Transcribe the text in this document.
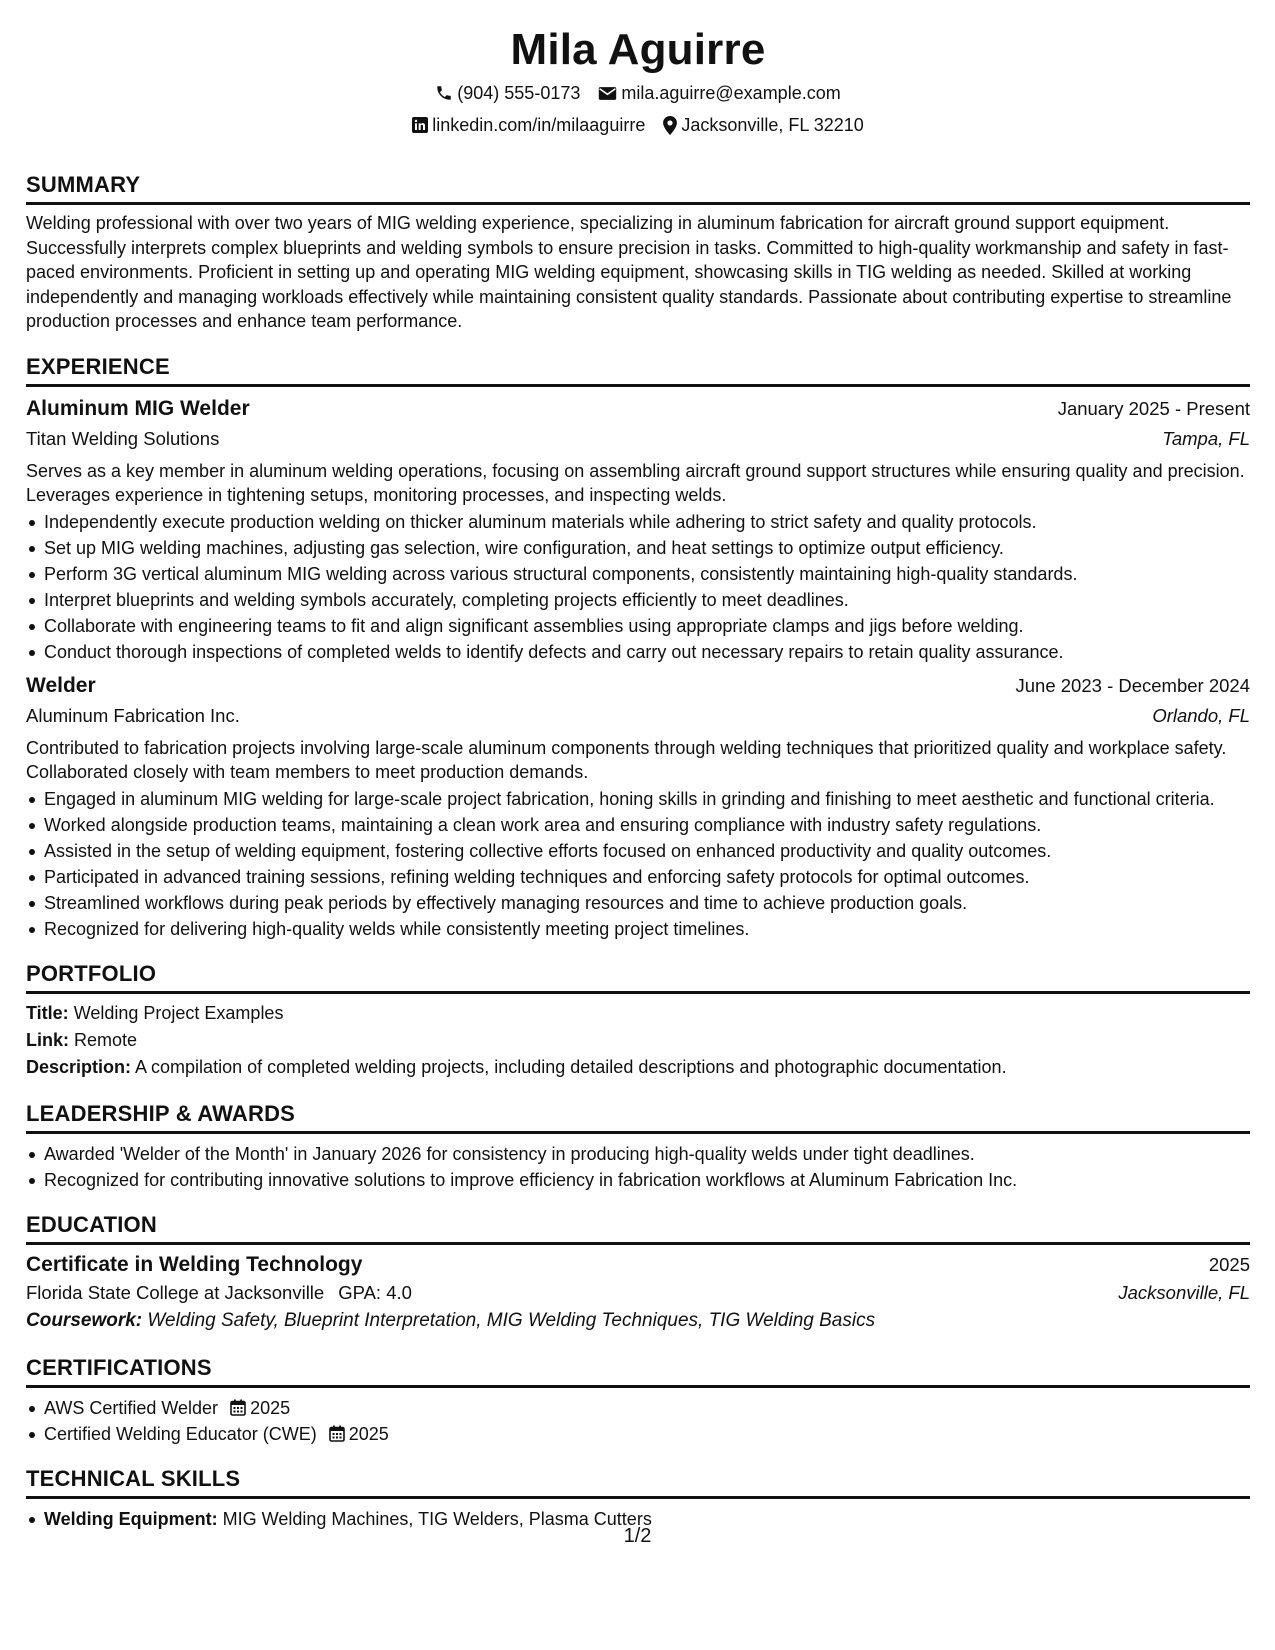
Mila Aguirre
(904) 555-0173 mila.aguirre@example.com
linkedin.com/in/milaaguirre Jacksonville, FL 32210
SUMMARY
Welding professional with over two years of MIG welding experience, specializing in aluminum fabrication for aircraft ground support equipment. Successfully interprets complex blueprints and welding symbols to ensure precision in tasks. Committed to high-quality workmanship and safety in fast-paced environments. Proficient in setting up and operating MIG welding equipment, showcasing skills in TIG welding as needed. Skilled at working independently and managing workloads effectively while maintaining consistent quality standards. Passionate about contributing expertise to streamline production processes and enhance team performance.
EXPERIENCE
Aluminum MIG Welder	January 2025 - Present
Titan Welding Solutions	Tampa, FL
Serves as a key member in aluminum welding operations, focusing on assembling aircraft ground support structures while ensuring quality and precision. Leverages experience in tightening setups, monitoring processes, and inspecting welds.
Independently execute production welding on thicker aluminum materials while adhering to strict safety and quality protocols.
Set up MIG welding machines, adjusting gas selection, wire configuration, and heat settings to optimize output efficiency.
Perform 3G vertical aluminum MIG welding across various structural components, consistently maintaining high-quality standards.
Interpret blueprints and welding symbols accurately, completing projects efficiently to meet deadlines.
Collaborate with engineering teams to fit and align significant assemblies using appropriate clamps and jigs before welding.
Conduct thorough inspections of completed welds to identify defects and carry out necessary repairs to retain quality assurance.
Welder	June 2023 - December 2024
Aluminum Fabrication Inc.	Orlando, FL
Contributed to fabrication projects involving large-scale aluminum components through welding techniques that prioritized quality and workplace safety. Collaborated closely with team members to meet production demands.
Engaged in aluminum MIG welding for large-scale project fabrication, honing skills in grinding and finishing to meet aesthetic and functional criteria.
Worked alongside production teams, maintaining a clean work area and ensuring compliance with industry safety regulations.
Assisted in the setup of welding equipment, fostering collective efforts focused on enhanced productivity and quality outcomes.
Participated in advanced training sessions, refining welding techniques and enforcing safety protocols for optimal outcomes.
Streamlined workflows during peak periods by effectively managing resources and time to achieve production goals.
Recognized for delivering high-quality welds while consistently meeting project timelines.
PORTFOLIO
Title: Welding Project Examples
Link: Remote
Description: A compilation of completed welding projects, including detailed descriptions and photographic documentation.
LEADERSHIP & AWARDS
Awarded 'Welder of the Month' in January 2026 for consistency in producing high-quality welds under tight deadlines.
Recognized for contributing innovative solutions to improve efficiency in fabrication workflows at Aluminum Fabrication Inc.
EDUCATION
Certificate in Welding Technology	2025
Florida State College at Jacksonville GPA: 4.0	Jacksonville, FL
Coursework: Welding Safety, Blueprint Interpretation, MIG Welding Techniques, TIG Welding Basics
CERTIFICATIONS
AWS Certified Welder 2025
Certified Welding Educator (CWE) 2025
TECHNICAL SKILLS
Welding Equipment: MIG Welding Machines, TIG Welders, Plasma Cutters
1/2
